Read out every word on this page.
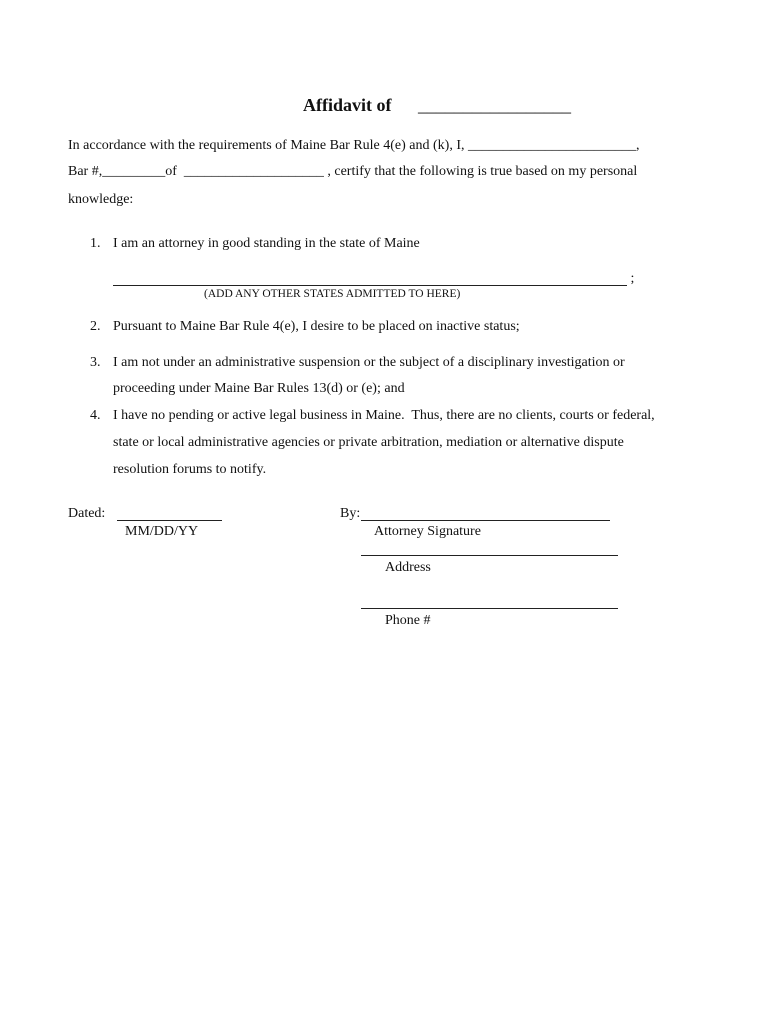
Affidavit of _________________
In accordance with the requirements of Maine Bar Rule 4(e) and (k), I, ________________________,
Bar #,_________of  ____________________ , certify that the following is true based on my personal
knowledge:
1. I am an attorney in good standing in the state of Maine
;
(ADD ANY OTHER STATES ADMITTED TO HERE)
2. Pursuant to Maine Bar Rule 4(e), I desire to be placed on inactive status;
3. I am not under an administrative suspension or the subject of a disciplinary investigation or
proceeding under Maine Bar Rules 13(d) or (e); and
4. I have no pending or active legal business in Maine.  Thus, there are no clients, courts or federal,
state or local administrative agencies or private arbitration, mediation or alternative dispute
resolution forums to notify.
Dated:
MM/DD/YY
By:
Attorney Signature
Address
Phone #
